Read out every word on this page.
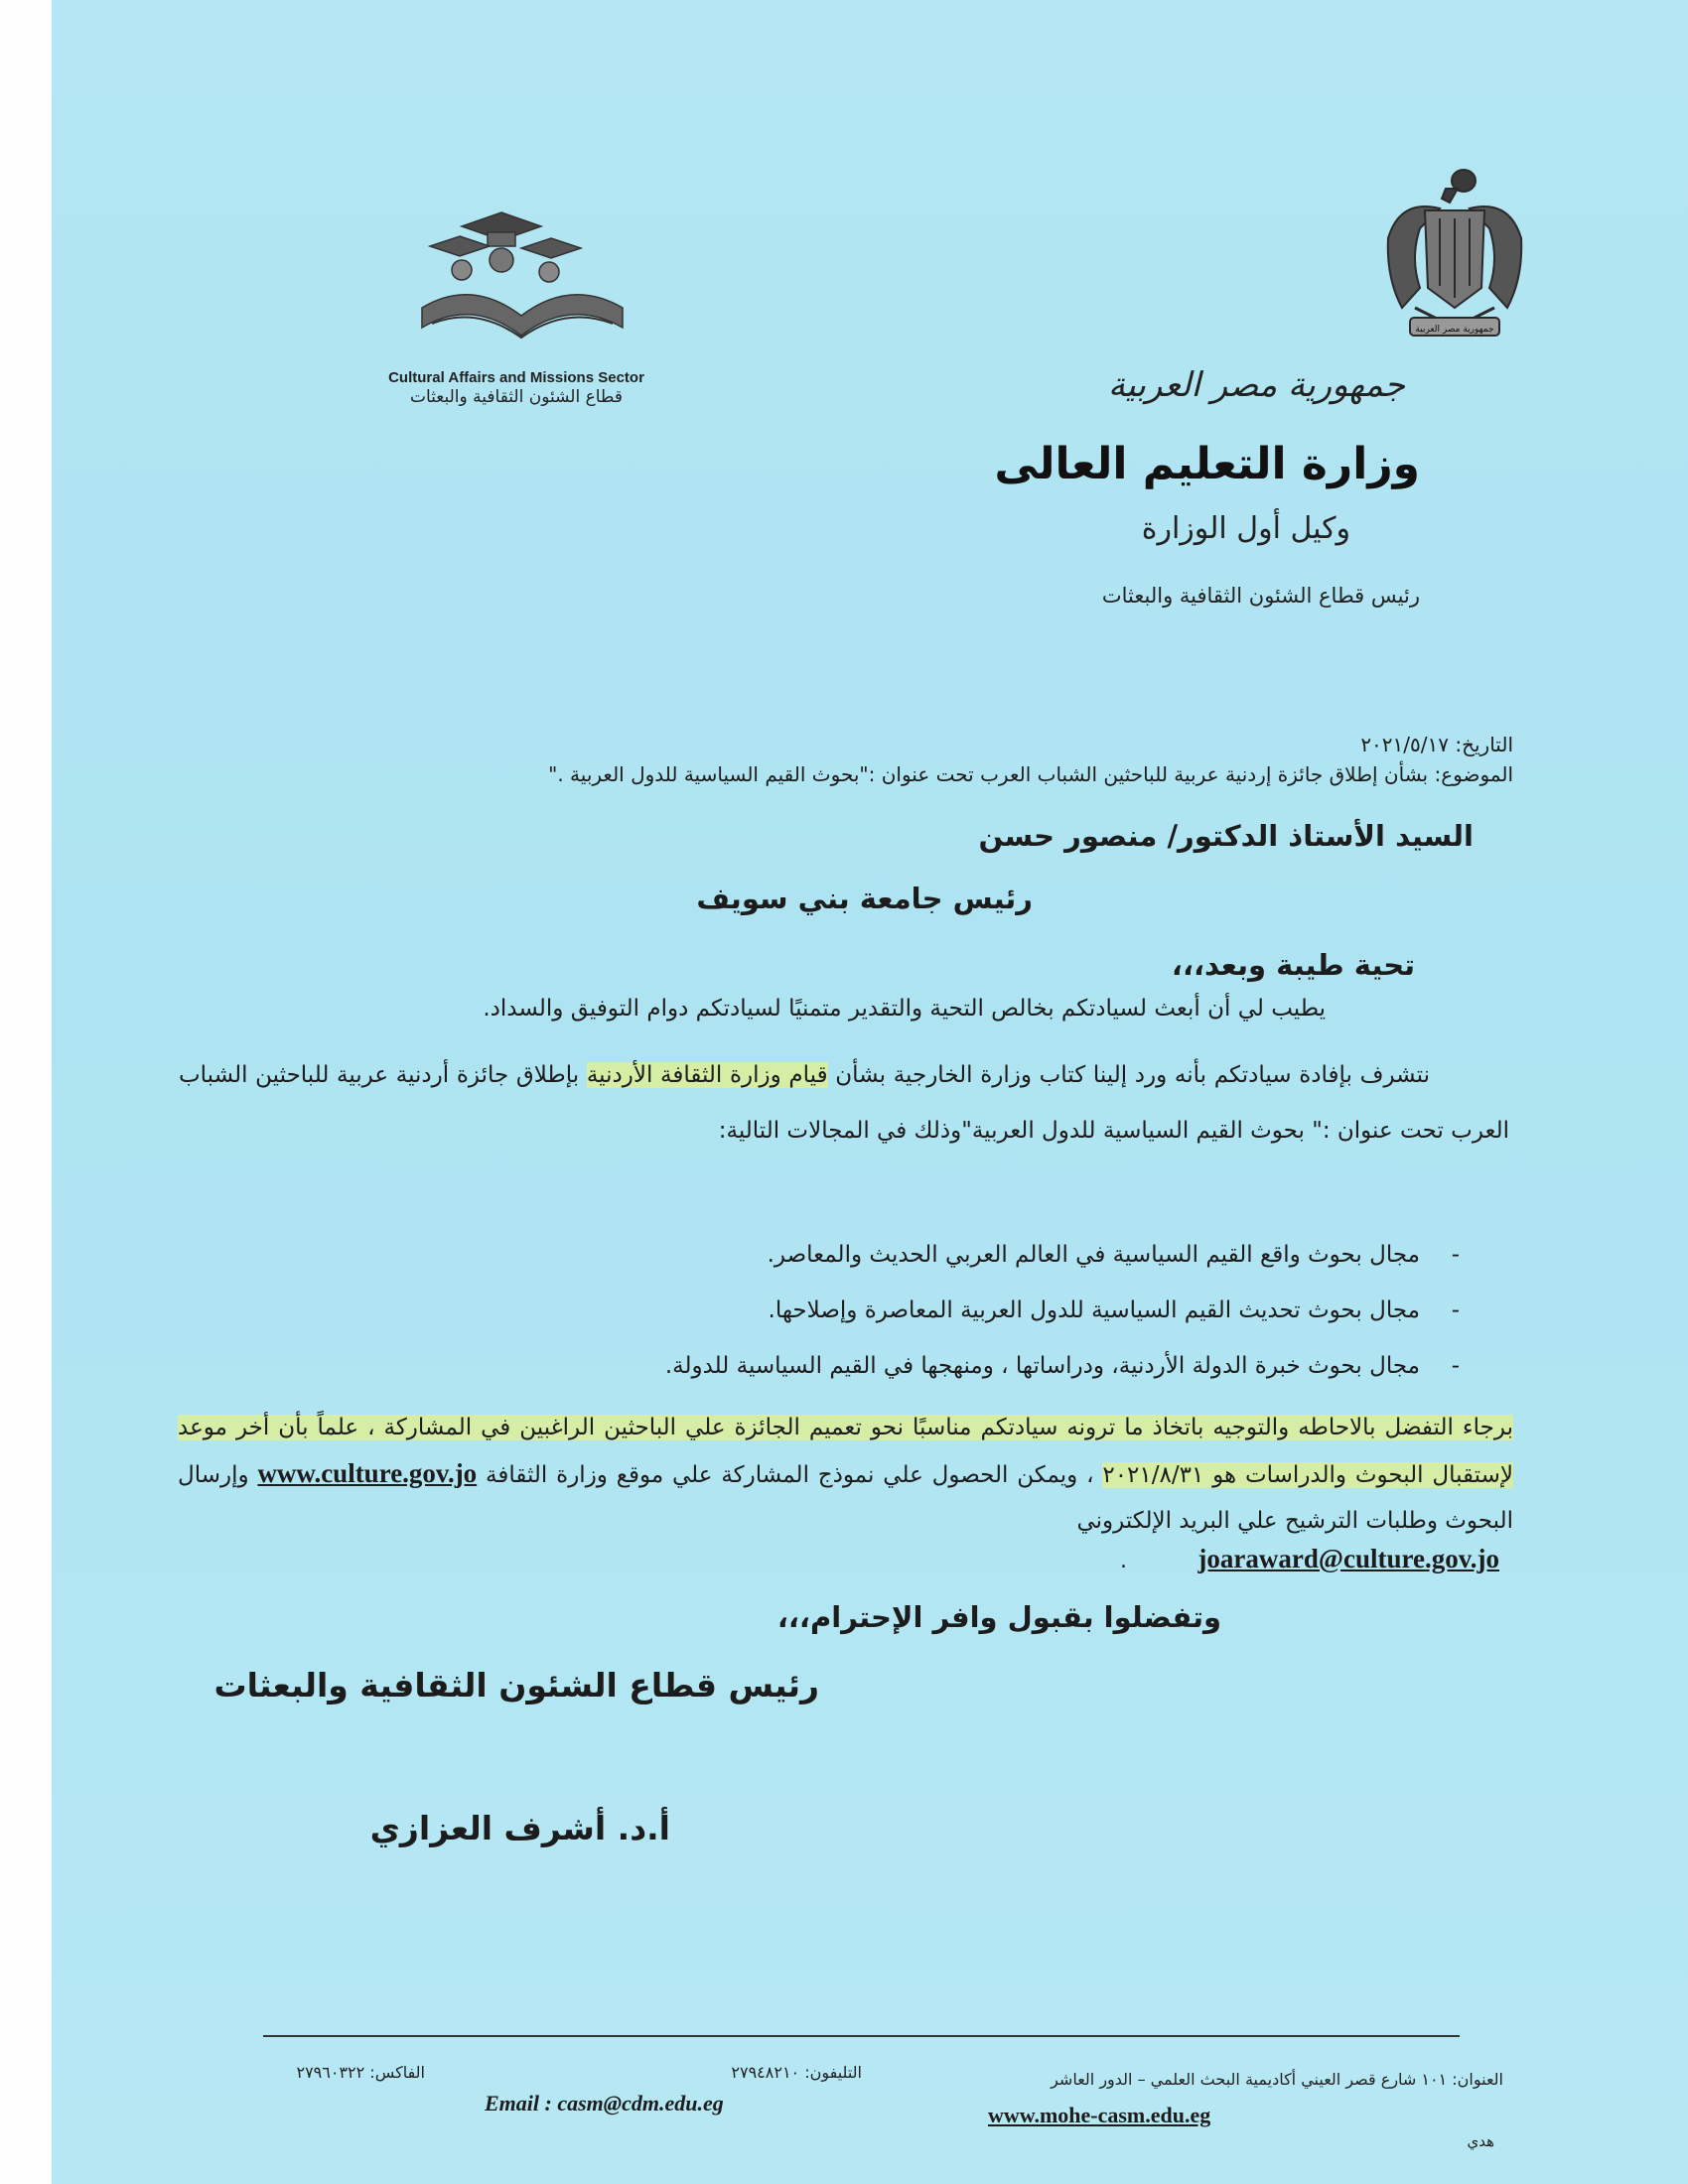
جمهورية مصر العربية
Cultural Affairs and Missions Sector
قطاع الشئون الثقافية والبعثات	جمهورية مصر العربية
وزارة التعليم العالى
وكيل أول الوزارة
رئيس قطاع الشئون الثقافية والبعثات
التاريخ: ٢٠٢١/٥/١٧
الموضوع: بشأن إطلاق جائزة إردنية عربية للباحثين الشباب العرب تحت عنوان :"بحوث القيم السياسية للدول العربية ."
السيد الأستاذ الدكتور/ منصور حسن
رئيس جامعة بني سويف
تحية طيبة وبعد،،،
يطيب لي أن أبعث لسيادتكم بخالص التحية والتقدير متمنيًا لسيادتكم دوام التوفيق والسداد.

نتشرف بإفادة سيادتكم بأنه ورد إلينا كتاب وزارة الخارجية بشأن قيام وزارة الثقافة الأردنية بإطلاق جائزة أردنية عربية للباحثين الشباب العرب تحت عنوان :" بحوث القيم السياسية للدول العربية"وذلك في المجالات التالية:

- مجال بحوث واقع القيم السياسية في العالم العربي الحديث والمعاصر.
- مجال بحوث تحديث القيم السياسية للدول العربية المعاصرة وإصلاحها.
- مجال بحوث خبرة الدولة الأردنية، ودراساتها ، ومنهجها في القيم السياسية للدولة.

برجاء التفضل بالاحاطه والتوجيه باتخاذ ما ترونه سيادتكم مناسبًا نحو تعميم الجائزة علي الباحثين الراغبين في المشاركة ، علماً بأن أخر موعد لإستقبال البحوث والدراسات هو ٢٠٢١/٨/٣١ ، ويمكن الحصول علي نموذج المشاركة علي موقع وزارة الثقافة www.culture.gov.jo وإرسال البحوث وطلبات الترشيح علي البريد الإلكتروني

joaraward@culture.gov.jo
.
وتفضلوا بقبول وافر الإحترام،،،
رئيس قطاع الشئون الثقافية والبعثات
أ.د. أشرف العزازي
العنوان: ١٠١ شارع قصر العيني أكاديمية البحث العلمي – الدور العاشر
التليفون: ٢٧٩٤٨٢١٠
الفاكس: ٢٧٩٦٠٣٢٢
Email : casm@cdm.edu.eg	www.mohe-casm.edu.eg
هدي
